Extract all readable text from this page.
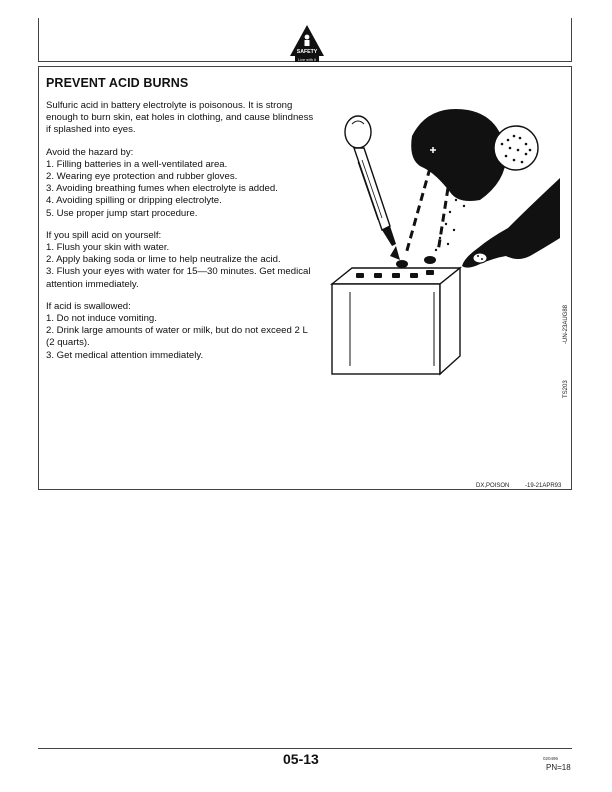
SAFETY
Live with it
PREVENT ACID BURNS

Sulfuric acid in battery electrolyte is poisonous. It is strong enough to burn skin, eat holes in clothing, and cause blindness if splashed into eyes.

Avoid the hazard by:
1. Filling batteries in a well-ventilated area.
2. Wearing eye protection and rubber gloves.
3. Avoiding breathing fumes when electrolyte is added.
4. Avoiding spilling or dripping electrolyte.
5. Use proper jump start procedure.

If you spill acid on yourself:
1. Flush your skin with water.
2. Apply baking soda or lime to help neutralize the acid.
3. Flush your eyes with water for 15—30 minutes. Get medical attention immediately.

If acid is swallowed:
1. Do not induce vomiting.
2. Drink large amounts of water or milk, but do not exceed 2 L (2 quarts).
3. Get medical attention immediately.

-UN-23AUG88
TS203
DX,POISON	-19-21APR93
05-13	020496
PN=18
